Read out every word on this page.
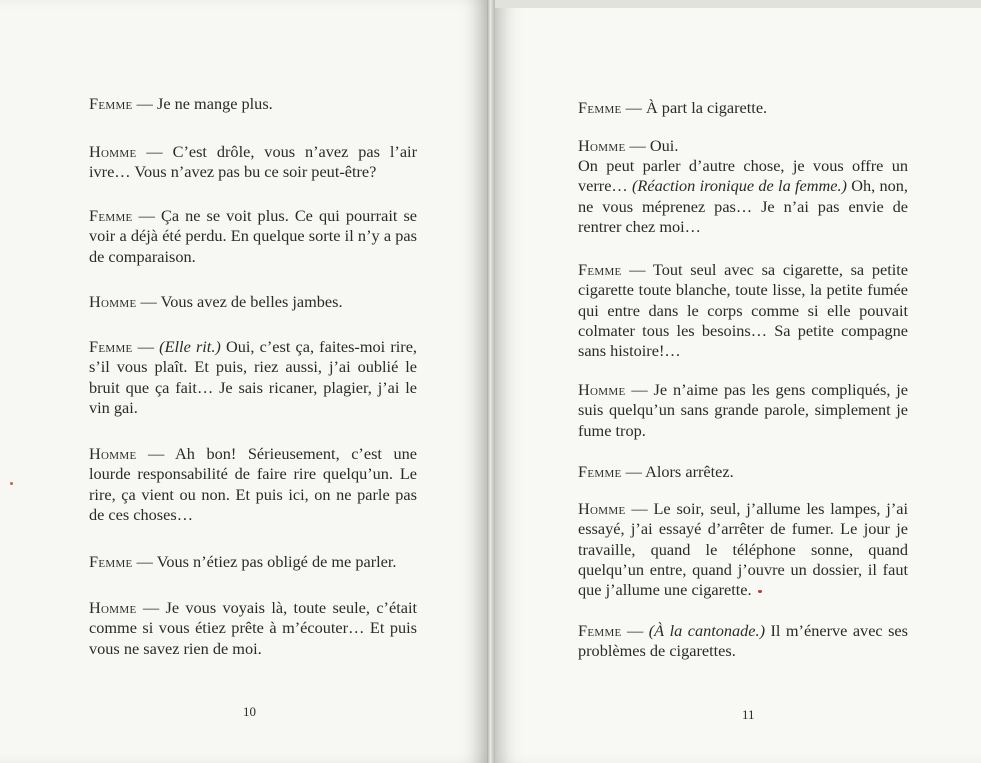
Femme — Je ne mange plus.

Homme — C’est drôle, vous n’avez pas l’air ivre… Vous n’avez pas bu ce soir peut-être?

Femme — Ça ne se voit plus. Ce qui pourrait se voir a déjà été perdu. En quelque sorte il n’y a pas de comparaison.

Homme — Vous avez de belles jambes.

Femme — (Elle rit.) Oui, c’est ça, faites-moi rire, s’il vous plaît. Et puis, riez aussi, j’ai oublié le bruit que ça fait… Je sais ricaner, plagier, j’ai le vin gai.

Homme — Ah bon! Sérieusement, c’est une lourde responsabilité de faire rire quelqu’un. Le rire, ça vient ou non. Et puis ici, on ne parle pas de ces choses…

Femme — Vous n’étiez pas obligé de me parler.

Homme — Je vous voyais là, toute seule, c’était comme si vous étiez prête à m’écouter… Et puis vous ne savez rien de moi.

10

Femme — À part la cigarette.

Homme — Oui.

On peut parler d’autre chose, je vous offre un verre… (Réaction ironique de la femme.) Oh, non, ne vous méprenez pas… Je n’ai pas envie de rentrer chez moi…

Femme — Tout seul avec sa cigarette, sa petite cigarette toute blanche, toute lisse, la petite fumée qui entre dans le corps comme si elle pouvait colmater tous les besoins… Sa petite compagne sans histoire!…

Homme — Je n’aime pas les gens compliqués, je suis quelqu’un sans grande parole, simplement je fume trop.

Femme — Alors arrêtez.

Homme — Le soir, seul, j’allume les lampes, j’ai essayé, j’ai essayé d’arrêter de fumer. Le jour je travaille, quand le téléphone sonne, quand quelqu’un entre, quand j’ouvre un dossier, il faut que j’allume une cigarette.

Femme — (À la cantonade.) Il m’énerve avec ses problèmes de cigarettes.

11
